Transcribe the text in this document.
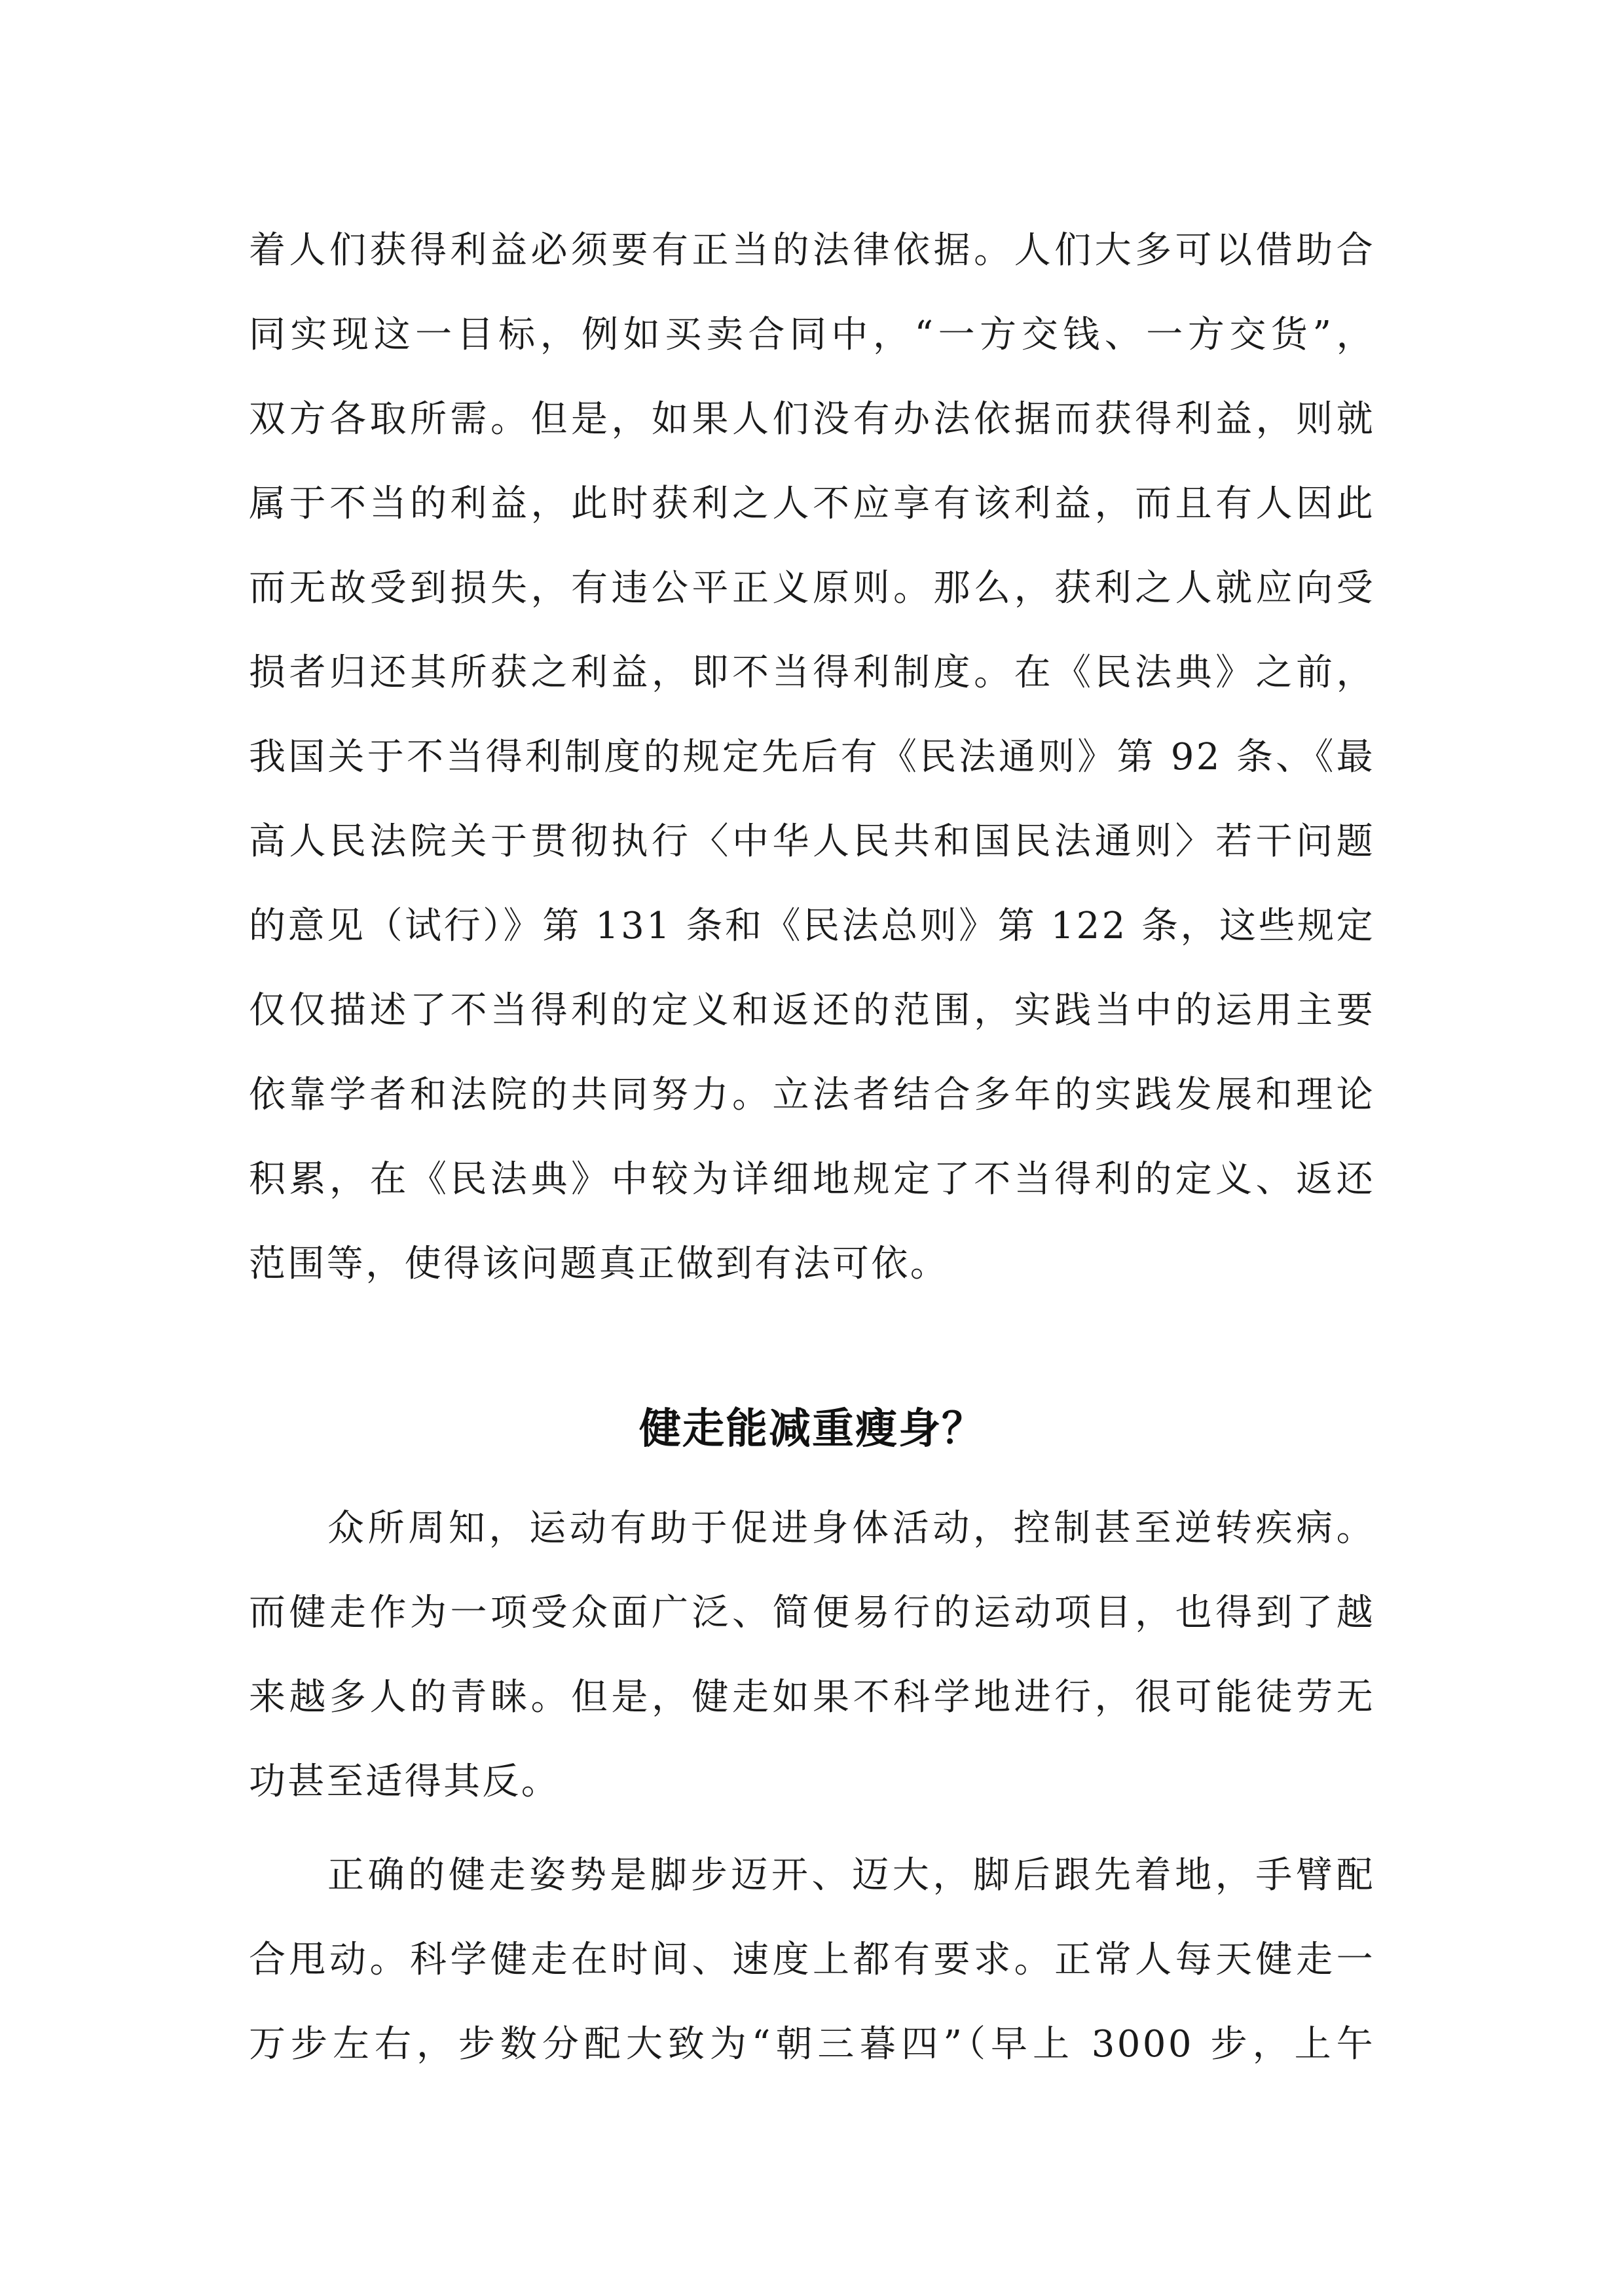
着人们获得利益必须要有正当的法律依据。人们大多可以借助合
同实现这一目标，例如买卖合同中，“一方交钱、一方交货”，
双方各取所需。但是，如果人们没有办法依据而获得利益，则就
属于不当的利益，此时获利之人不应享有该利益，而且有人因此
而无故受到损失，有违公平正义原则。那么，获利之人就应向受
损者归还其所获之利益，即不当得利制度。在《民法典》之前，
我国关于不当得利制度的规定先后有《民法通则》第 92 条、《最
高人民法院关于贯彻执行〈中华人民共和国民法通则〉若干问题
的意见（试行）》第 131 条和《民法总则》第 122 条，这些规定
仅仅描述了不当得利的定义和返还的范围，实践当中的运用主要
依靠学者和法院的共同努力。立法者结合多年的实践发展和理论
积累，在《民法典》中较为详细地规定了不当得利的定义、返还
范围等，使得该问题真正做到有法可依。
健走能减重瘦身？
众所周知，运动有助于促进身体活动，控制甚至逆转疾病。
而健走作为一项受众面广泛、简便易行的运动项目，也得到了越
来越多人的青睐。但是，健走如果不科学地进行，很可能徒劳无
功甚至适得其反。
正确的健走姿势是脚步迈开、迈大，脚后跟先着地，手臂配
合甩动。科学健走在时间、速度上都有要求。正常人每天健走一
万步左右，步数分配大致为“朝三暮四”（早上 3000 步，上午
